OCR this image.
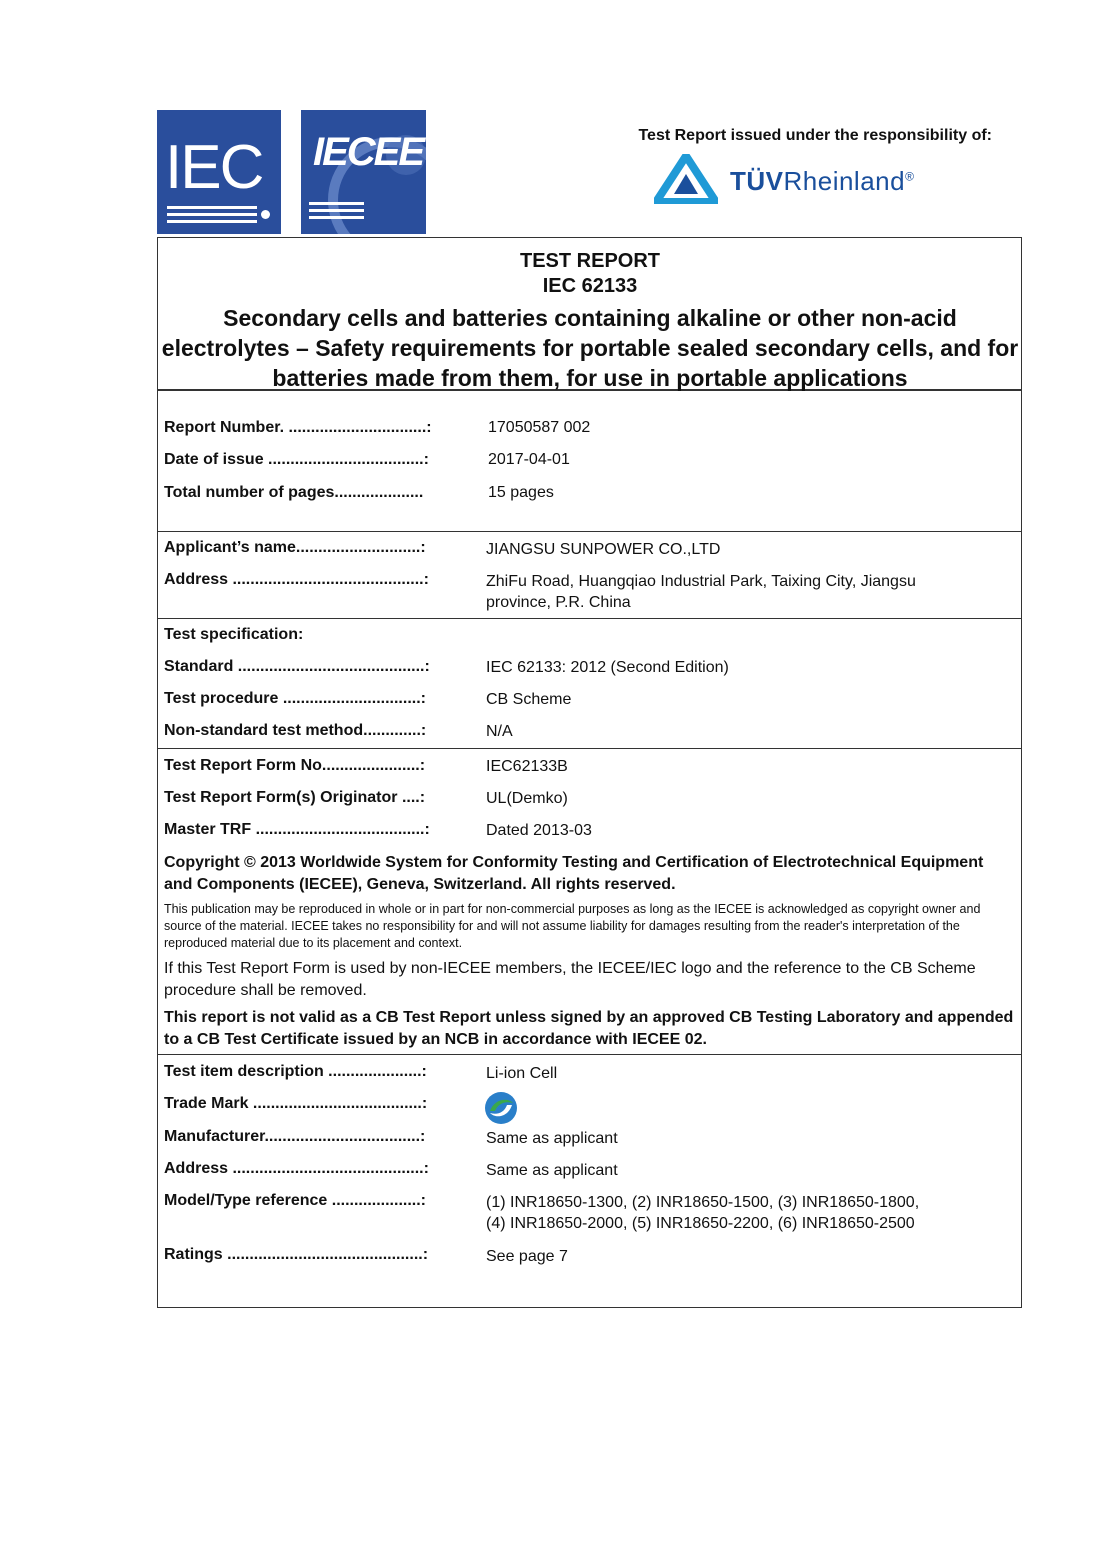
IEC IECEE	Test Report issued under the responsibility of:
TÜVRheinland®
TEST REPORT
IEC 62133
Secondary cells and batteries containing alkaline or other non-acid electrolytes – Safety requirements for portable sealed secondary cells, and for batteries made from them, for use in portable applications
Report Number. ...............................:	17050587 002
Date of issue ...................................:	2017-04-01
Total number of pages....................	15 pages
Applicant’s name............................:	JIANGSU SUNPOWER CO.,LTD
Address ...........................................:	ZhiFu Road, Huangqiao Industrial Park, Taixing City, Jiangsu
province, P.R. China
Test specification:
Standard ..........................................:	IEC 62133: 2012 (Second Edition)
Test procedure ...............................:	CB Scheme
Non-standard test method.............:	N/A
Test Report Form No......................:	IEC62133B
Test Report Form(s) Originator ....:	UL(Demko)
Master TRF ......................................:	Dated 2013-03
Copyright © 2013 Worldwide System for Conformity Testing and Certification of Electrotechnical Equipment and Components (IECEE), Geneva, Switzerland. All rights reserved.
This publication may be reproduced in whole or in part for non-commercial purposes as long as the IECEE is acknowledged as copyright owner and source of the material. IECEE takes no responsibility for and will not assume liability for damages resulting from the reader's interpretation of the reproduced material due to its placement and context.
If this Test Report Form is used by non-IECEE members, the IECEE/IEC logo and the reference to the CB Scheme procedure shall be removed.
This report is not valid as a CB Test Report unless signed by an approved CB Testing Laboratory and appended to a CB Test Certificate issued by an NCB in accordance with IECEE 02.
Test item description .....................:	Li-ion Cell
Trade Mark ......................................:
Manufacturer...................................:	Same as applicant
Address ...........................................:	Same as applicant
Model/Type reference ....................:	(1) INR18650-1300, (2) INR18650-1500, (3) INR18650-1800,
(4) INR18650-2000, (5) INR18650-2200, (6) INR18650-2500
Ratings ............................................:	See page 7
